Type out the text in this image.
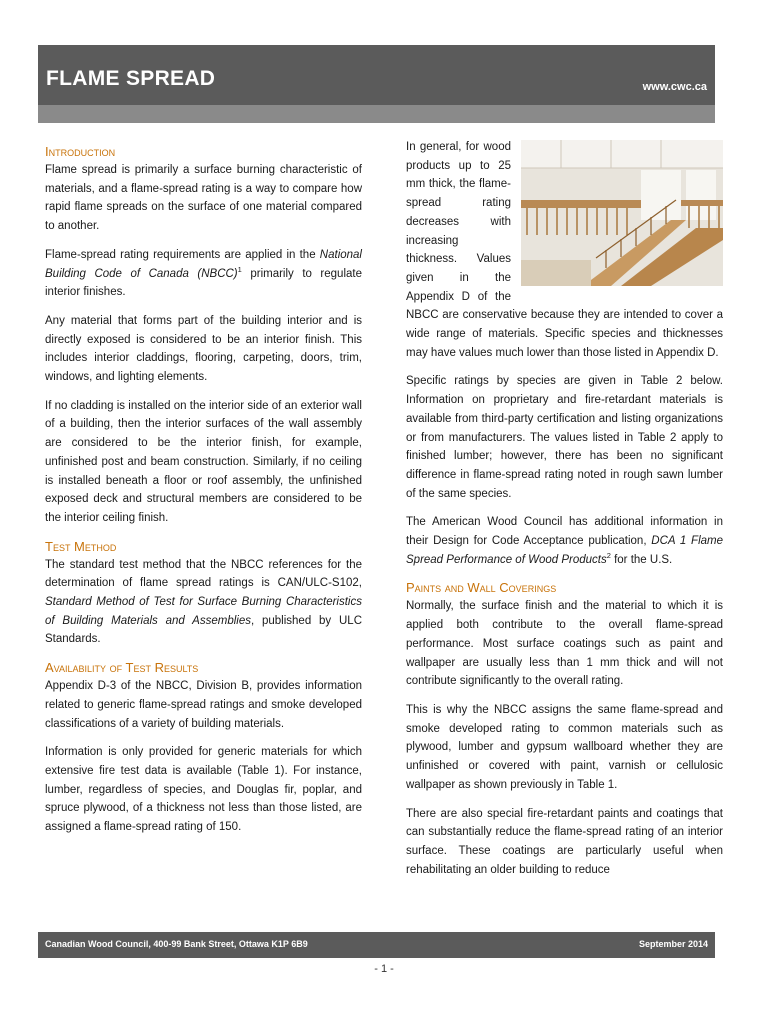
FLAME SPREAD	www.cwc.ca
Introduction

Flame spread is primarily a surface burning characteristic of materials, and a flame-spread rating is a way to compare how rapid flame spreads on the surface of one material compared to another.

Flame-spread rating requirements are applied in the National Building Code of Canada (NBCC)$^1$ primarily to regulate interior finishes.

Any material that forms part of the building interior and is directly exposed is considered to be an interior finish. This includes interior claddings, flooring, carpeting, doors, trim, windows, and lighting elements.

If no cladding is installed on the interior side of an exterior wall of a building, then the interior surfaces of the wall assembly are considered to be the interior finish, for example, unfinished post and beam construction. Similarly, if no ceiling is installed beneath a floor or roof assembly, the unfinished exposed deck and structural members are considered to be the interior ceiling finish.

Test Method

The standard test method that the NBCC references for the determination of flame spread ratings is CAN/ULC-S102, Standard Method of Test for Surface Burning Characteristics of Building Materials and Assemblies, published by ULC Standards.

Availability of Test Results

Appendix D-3 of the NBCC, Division B, provides information related to generic flame-spread ratings and smoke developed classifications of a variety of building materials.

Information is only provided for generic materials for which extensive fire test data is available (Table 1). For instance, lumber, regardless of species, and Douglas fir, poplar, and spruce plywood, of a thickness not less than those listed, are assigned a flame-spread rating of 150.

In general, for wood products up to 25 mm thick, the flame-spread rating decreases with increasing thickness. Values given in the Appendix D of the NBCC are conservative because they are intended to cover a wide range of materials. Specific species and thicknesses may have values much lower than those listed in Appendix D.

Specific ratings by species are given in Table 2 below. Information on proprietary and fire-retardant materials is available from third-party certification and listing organizations or from manufacturers. The values listed in Table 2 apply to finished lumber; however, there has been no significant difference in flame-spread rating noted in rough sawn lumber of the same species.

The American Wood Council has additional information in their Design for Code Acceptance publication, DCA 1 Flame Spread Performance of Wood Products$^2$ for the U.S.

Paints and Wall Coverings

Normally, the surface finish and the material to which it is applied both contribute to the overall flame-spread performance. Most surface coatings such as paint and wallpaper are usually less than 1 mm thick and will not contribute significantly to the overall rating.

This is why the NBCC assigns the same flame-spread and smoke developed rating to common materials such as plywood, lumber and gypsum wallboard whether they are unfinished or covered with paint, varnish or cellulosic wallpaper as shown previously in Table 1.

There are also special fire-retardant paints and coatings that can substantially reduce the flame-spread rating of an interior surface. These coatings are particularly useful when rehabilitating an older building to reduce

Canadian Wood Council, 400-99 Bank Street, Ottawa K1P 6B9	September 2014
- 1 -
